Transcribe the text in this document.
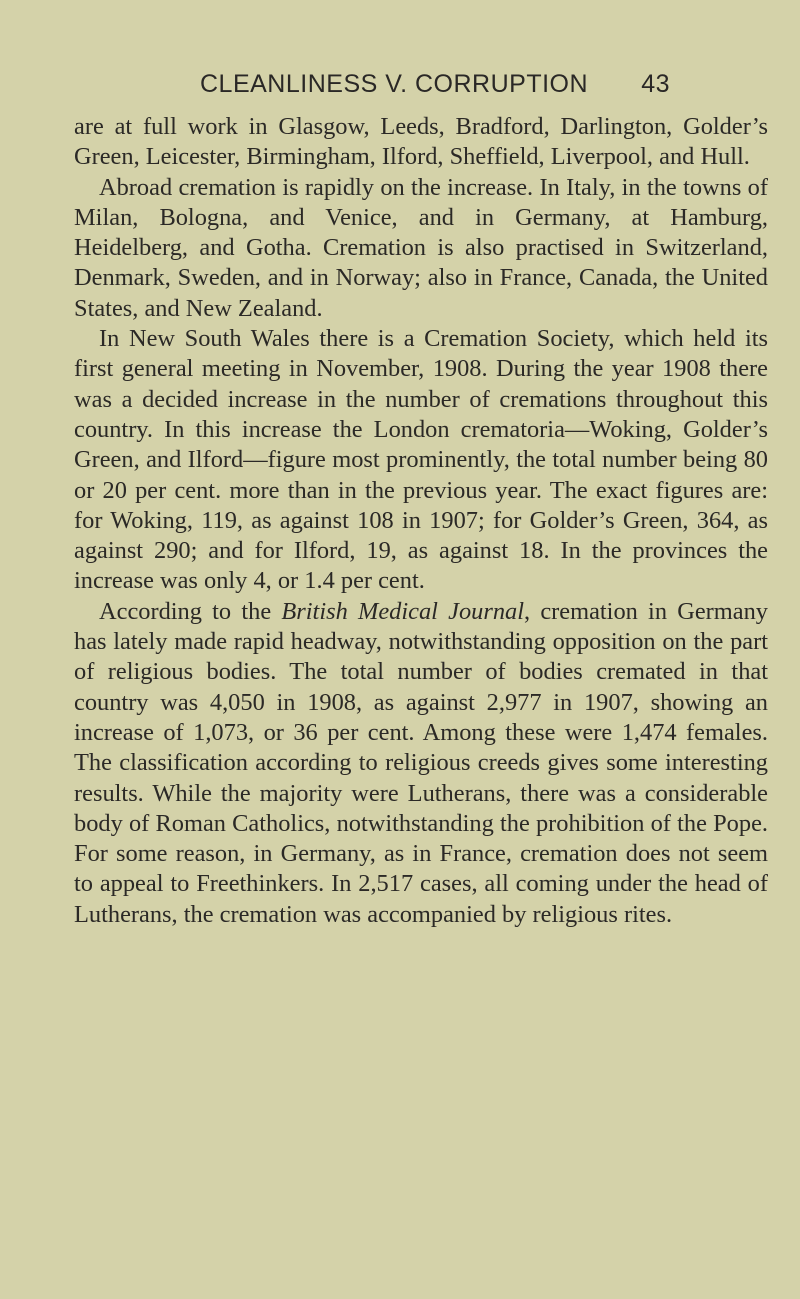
CLEANLINESS V. CORRUPTION 43

are at full work in Glasgow, Leeds, Bradford, Darlington, Golder’s Green, Leicester, Birmingham, Ilford, Sheffield, Liverpool, and Hull.

Abroad cremation is rapidly on the increase. In Italy, in the towns of Milan, Bologna, and Venice, and in Germany, at Hamburg, Heidelberg, and Gotha. Cremation is also practised in Switzerland, Denmark, Sweden, and in Norway; also in France, Canada, the United States, and New Zealand.

In New South Wales there is a Cremation Society, which held its first general meeting in November, 1908. During the year 1908 there was a decided increase in the number of cremations throughout this country. In this increase the London crematoria—Woking, Golder’s Green, and Ilford—figure most prominently, the total number being 80 or 20 per cent. more than in the previous year. The exact figures are: for Woking, 119, as against 108 in 1907; for Golder’s Green, 364, as against 290; and for Ilford, 19, as against 18. In the provinces the increase was only 4, or 1.4 per cent.

According to the British Medical Journal, cremation in Germany has lately made rapid headway, notwithstanding opposition on the part of religious bodies. The total number of bodies cremated in that country was 4,050 in 1908, as against 2,977 in 1907, showing an increase of 1,073, or 36 per cent. Among these were 1,474 females. The classification according to religious creeds gives some interesting results. While the majority were Lutherans, there was a considerable body of Roman Catholics, notwithstanding the prohibition of the Pope. For some reason, in Germany, as in France, cremation does not seem to appeal to Freethinkers. In 2,517 cases, all coming under the head of Lutherans, the cremation was accompanied by religious rites.
